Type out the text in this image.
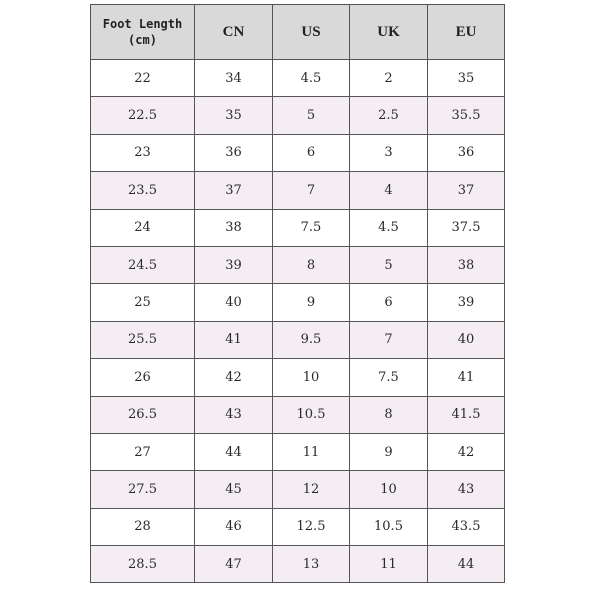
Foot Length
(cm)	CN	US	UK	EU
22	34	4.5	2	35
22.5	35	5	2.5	35.5
23	36	6	3	36
23.5	37	7	4	37
24	38	7.5	4.5	37.5
24.5	39	8	5	38
25	40	9	6	39
25.5	41	9.5	7	40
26	42	10	7.5	41
26.5	43	10.5	8	41.5
27	44	11	9	42
27.5	45	12	10	43
28	46	12.5	10.5	43.5
28.5	47	13	11	44
